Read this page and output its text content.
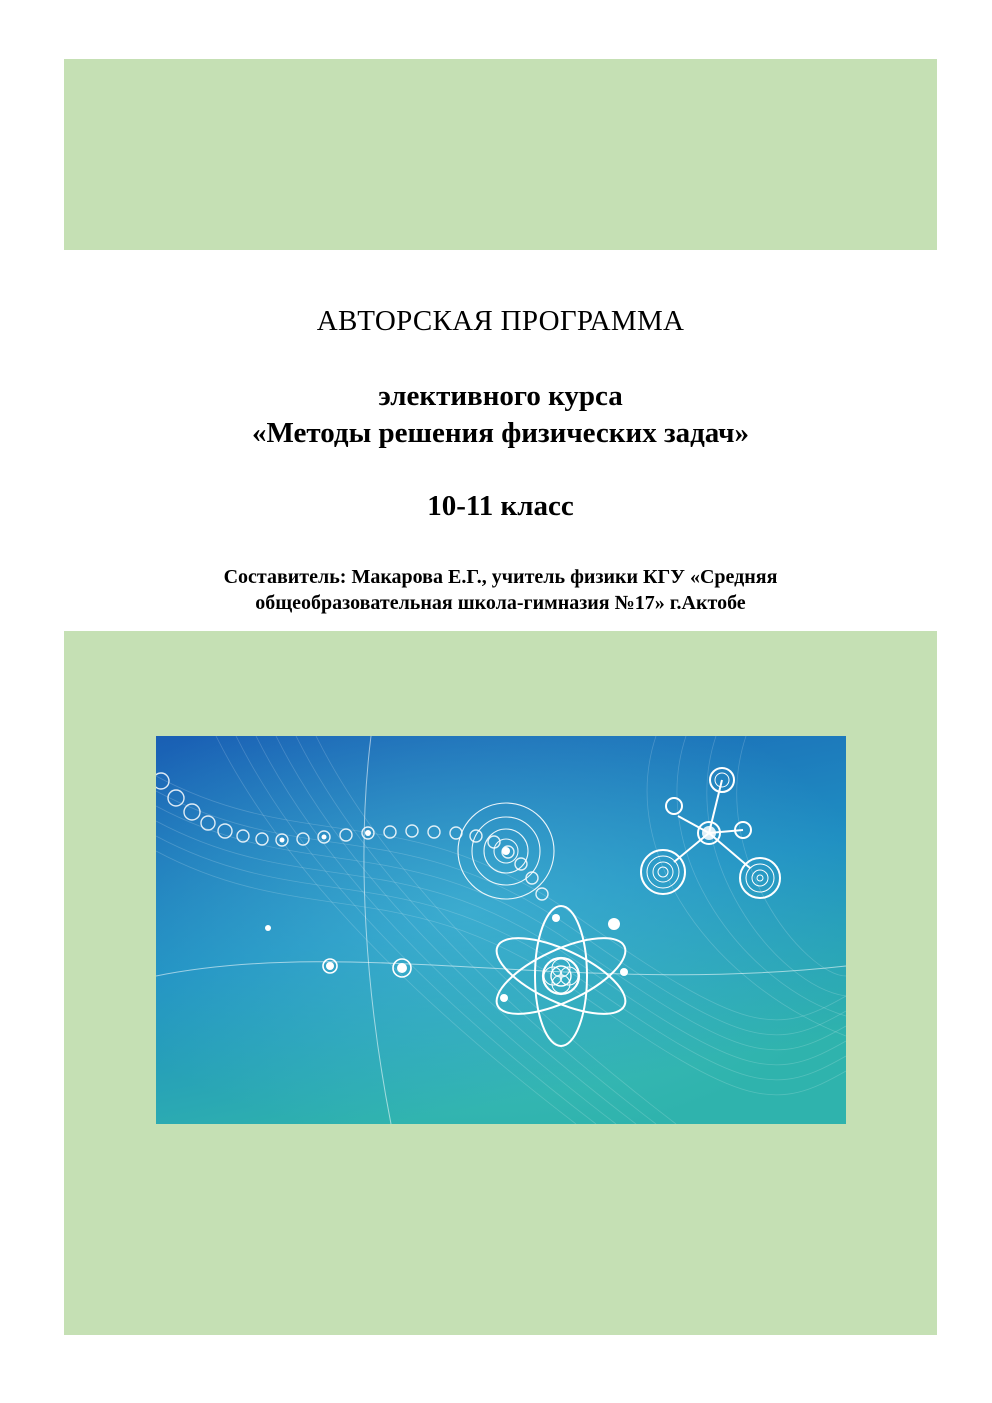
АВТОРСКАЯ ПРОГРАММА
элективного курса
«Методы решения физических задач»
10-11 класс
Составитель: Макарова Е.Г., учитель физики КГУ «Средняя
общеобразовательная школа-гимназия №17» г.Актобе
